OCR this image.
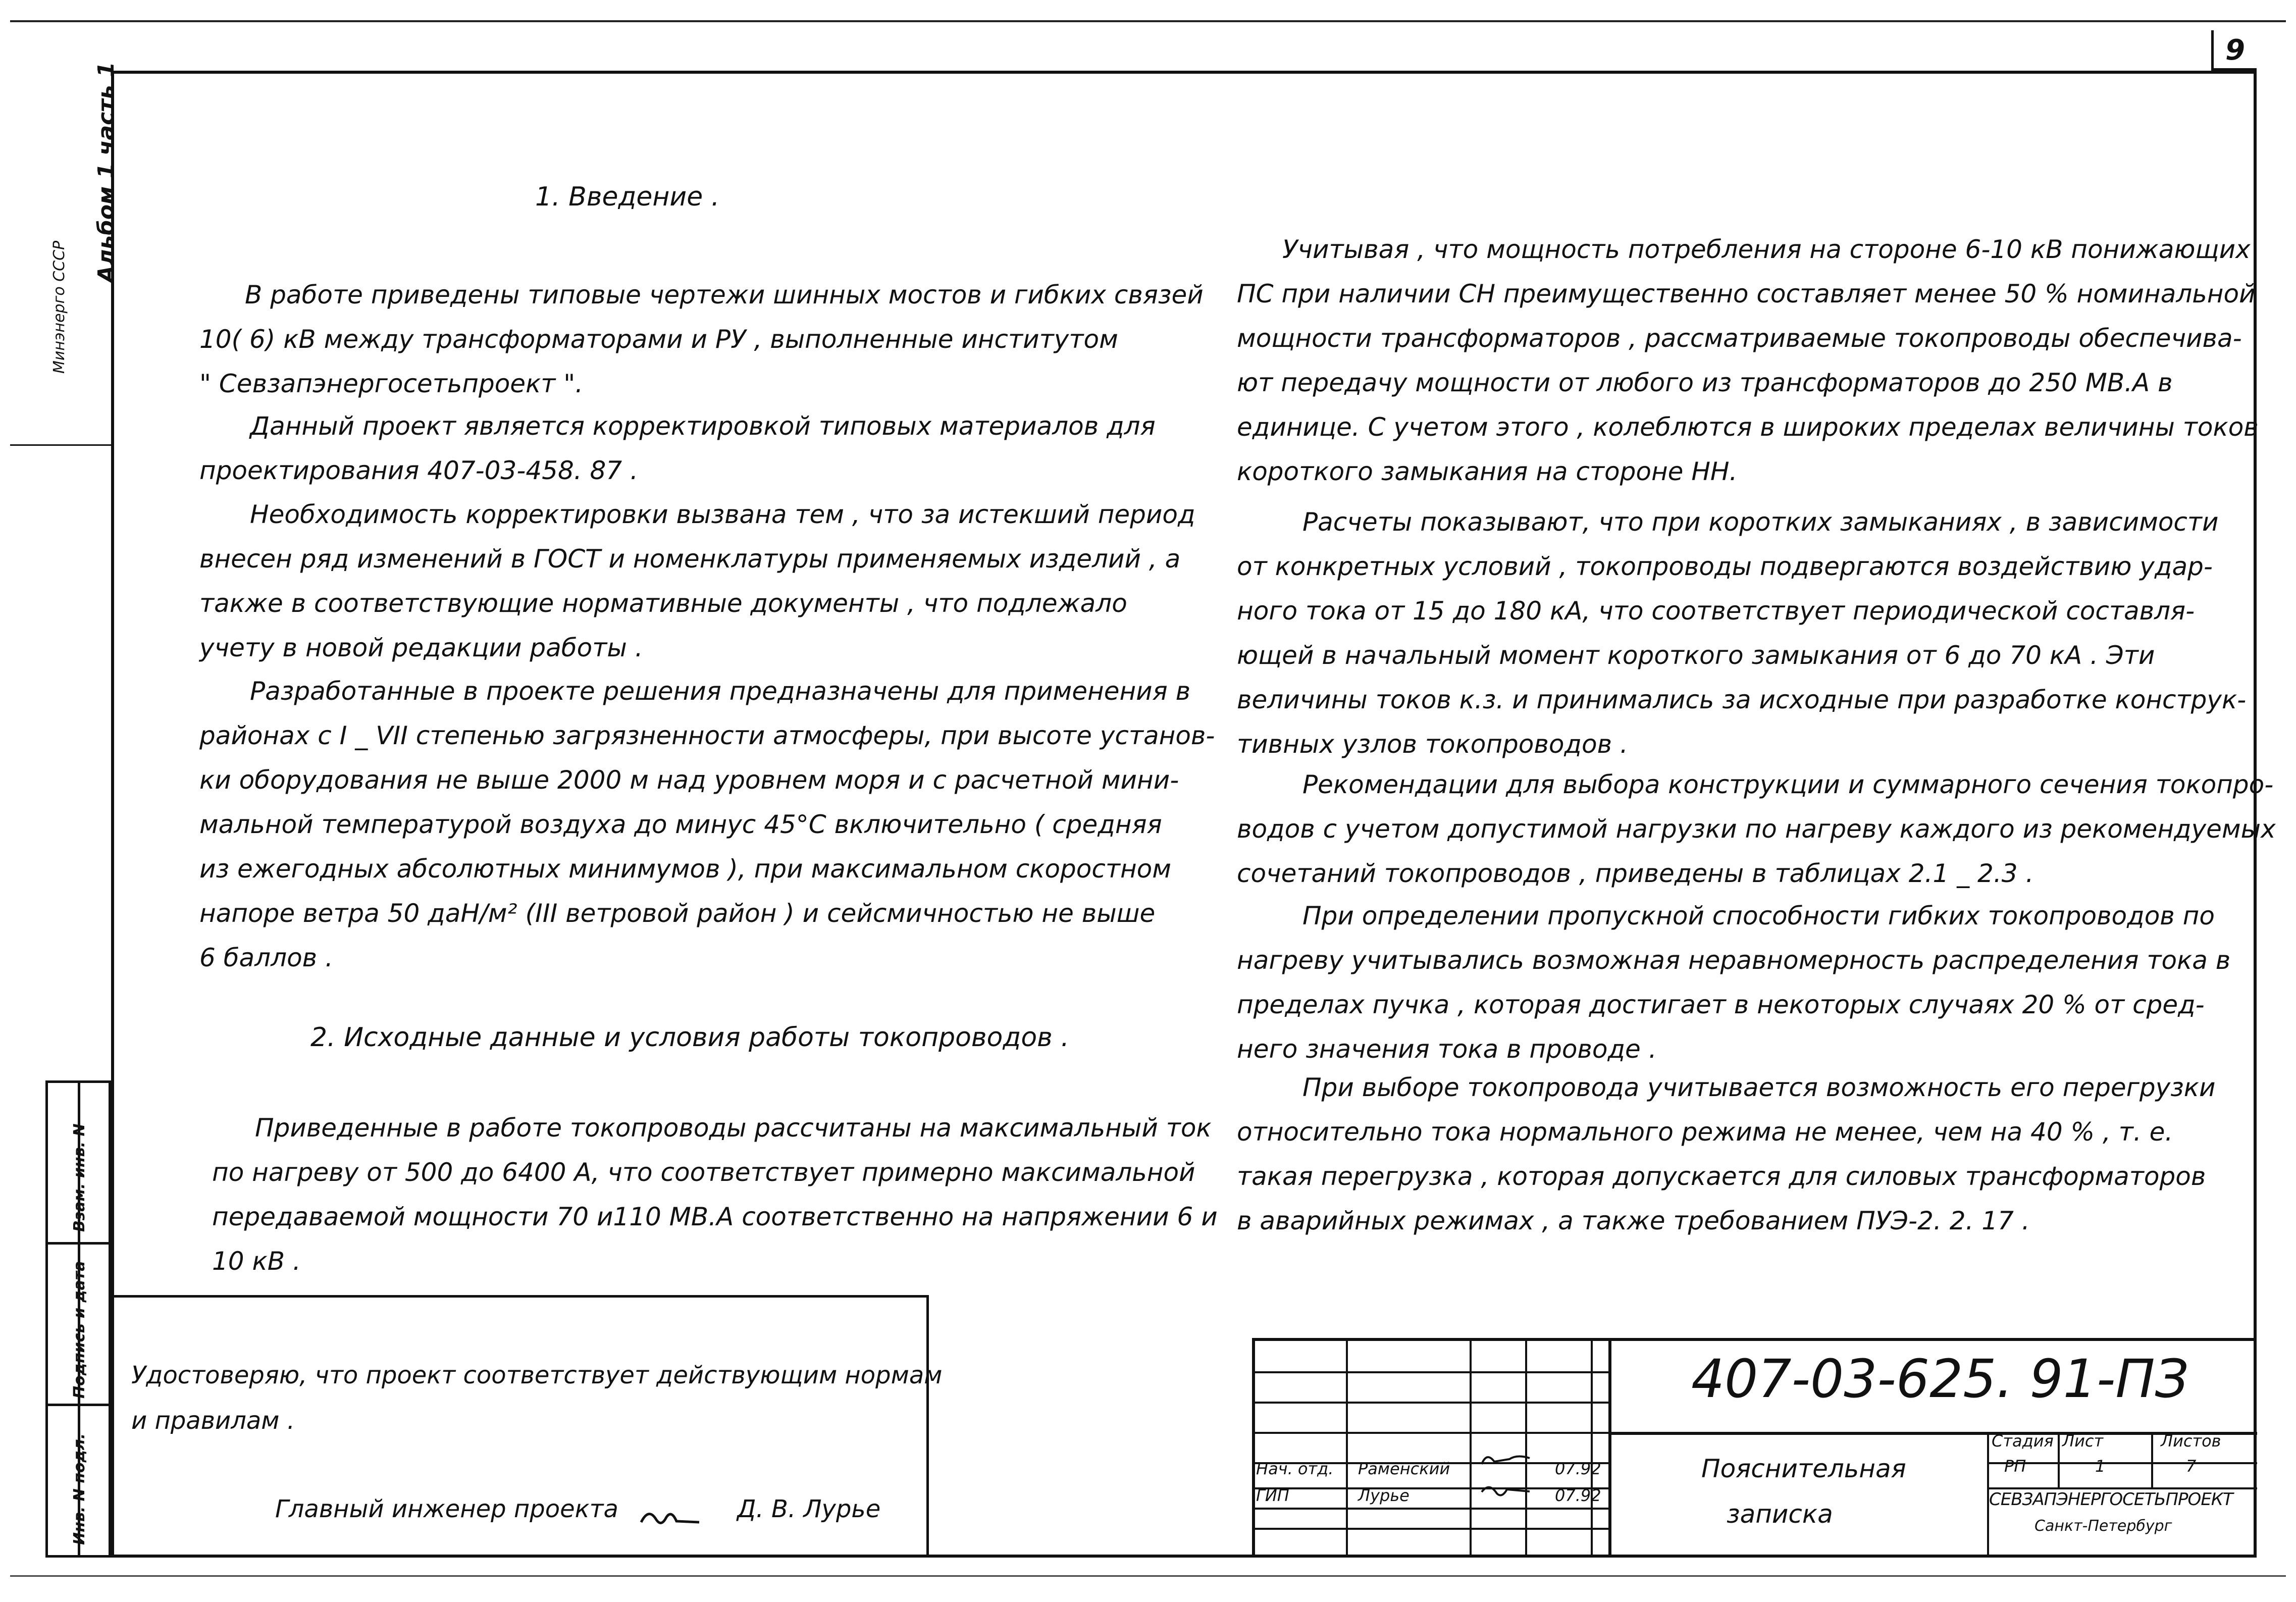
9
Альбом 1 часть 1
Минэнерго СССР
Взам. инв. N
Подпись и дата
Инв. N подл.
1. Введение .
В работе приведены типовые чертежи шинных мостов и гибких связей
10( 6) кВ между трансформаторами и РУ , выполненные институтом
" Севзапэнергосетьпроект ".
Данный проект является корректировкой типовых материалов для
проектирования 407-03-458. 87 .
Необходимость корректировки вызвана тем , что за истекший период
внесен ряд изменений в ГОСТ и номенклатуры применяемых изделий , а
также в соответствующие нормативные документы , что подлежало
учету в новой редакции работы .
Разработанные в проекте решения предназначены для применения в
районах с I _ VII степенью загрязненности атмосферы, при высоте установ-
ки оборудования не выше 2000 м над уровнем моря и с расчетной мини-
мальной температурой воздуха до минус 45°С включительно ( средняя
из ежегодных абсолютных минимумов ), при максимальном скоростном
напоре ветра 50 даН/м² (III ветровой район ) и сейсмичностью не выше
6 баллов .
2. Исходные данные и условия работы токопроводов .
Приведенные в работе токопроводы рассчитаны на максимальный ток
по нагреву от 500 до 6400 А, что соответствует примерно максимальной
передаваемой мощности 70 и110 МВ.А соответственно на напряжении 6 и
10 кВ .
Учитывая , что мощность потребления на стороне 6-10 кВ понижающих
ПС при наличии СН преимущественно составляет менее 50 % номинальной
мощности трансформаторов , рассматриваемые токопроводы обеспечива-
ют передачу мощности от любого из трансформаторов до 250 МВ.А в
единице. С учетом этого , колеблются в широких пределах величины токов
короткого замыкания на стороне НН.
Расчеты показывают, что при коротких замыканиях , в зависимости
от конкретных условий , токопроводы подвергаются воздействию удар-
ного тока от 15 до 180 кА, что соответствует периодической составля-
ющей в начальный момент короткого замыкания от 6 до 70 кА . Эти
величины токов к.з. и принимались за исходные при разработке конструк-
тивных узлов токопроводов .
Рекомендации для выбора конструкции и суммарного сечения токопро-
водов с учетом допустимой нагрузки по нагреву каждого из рекомендуемых
сочетаний токопроводов , приведены в таблицах 2.1 _ 2.3 .
При определении пропускной способности гибких токопроводов по
нагреву учитывались возможная неравномерность распределения тока в
пределах пучка , которая достигает в некоторых случаях 20 % от сред-
него значения тока в проводе .
При выборе токопровода учитывается возможность его перегрузки
относительно тока нормального режима не менее, чем на 40 % , т. е.
такая перегрузка , которая допускается для силовых трансформаторов
в аварийных режимах , а также требованием ПУЭ-2. 2. 17 .
Удостоверяю, что проект соответствует действующим нормам
и правилам .
Главный инженер проекта	Д. В. Лурье
407-03-625. 91-ПЗ
Нач. отд. Раменский	07.92
ГИП	Лурье	07.92
Пояснительная
записка
Стадия Лист	Листов
РП	1	7
СЕВЗАПЭНЕРГОСЕТЬПРОЕКТ
Санкт-Петербург
